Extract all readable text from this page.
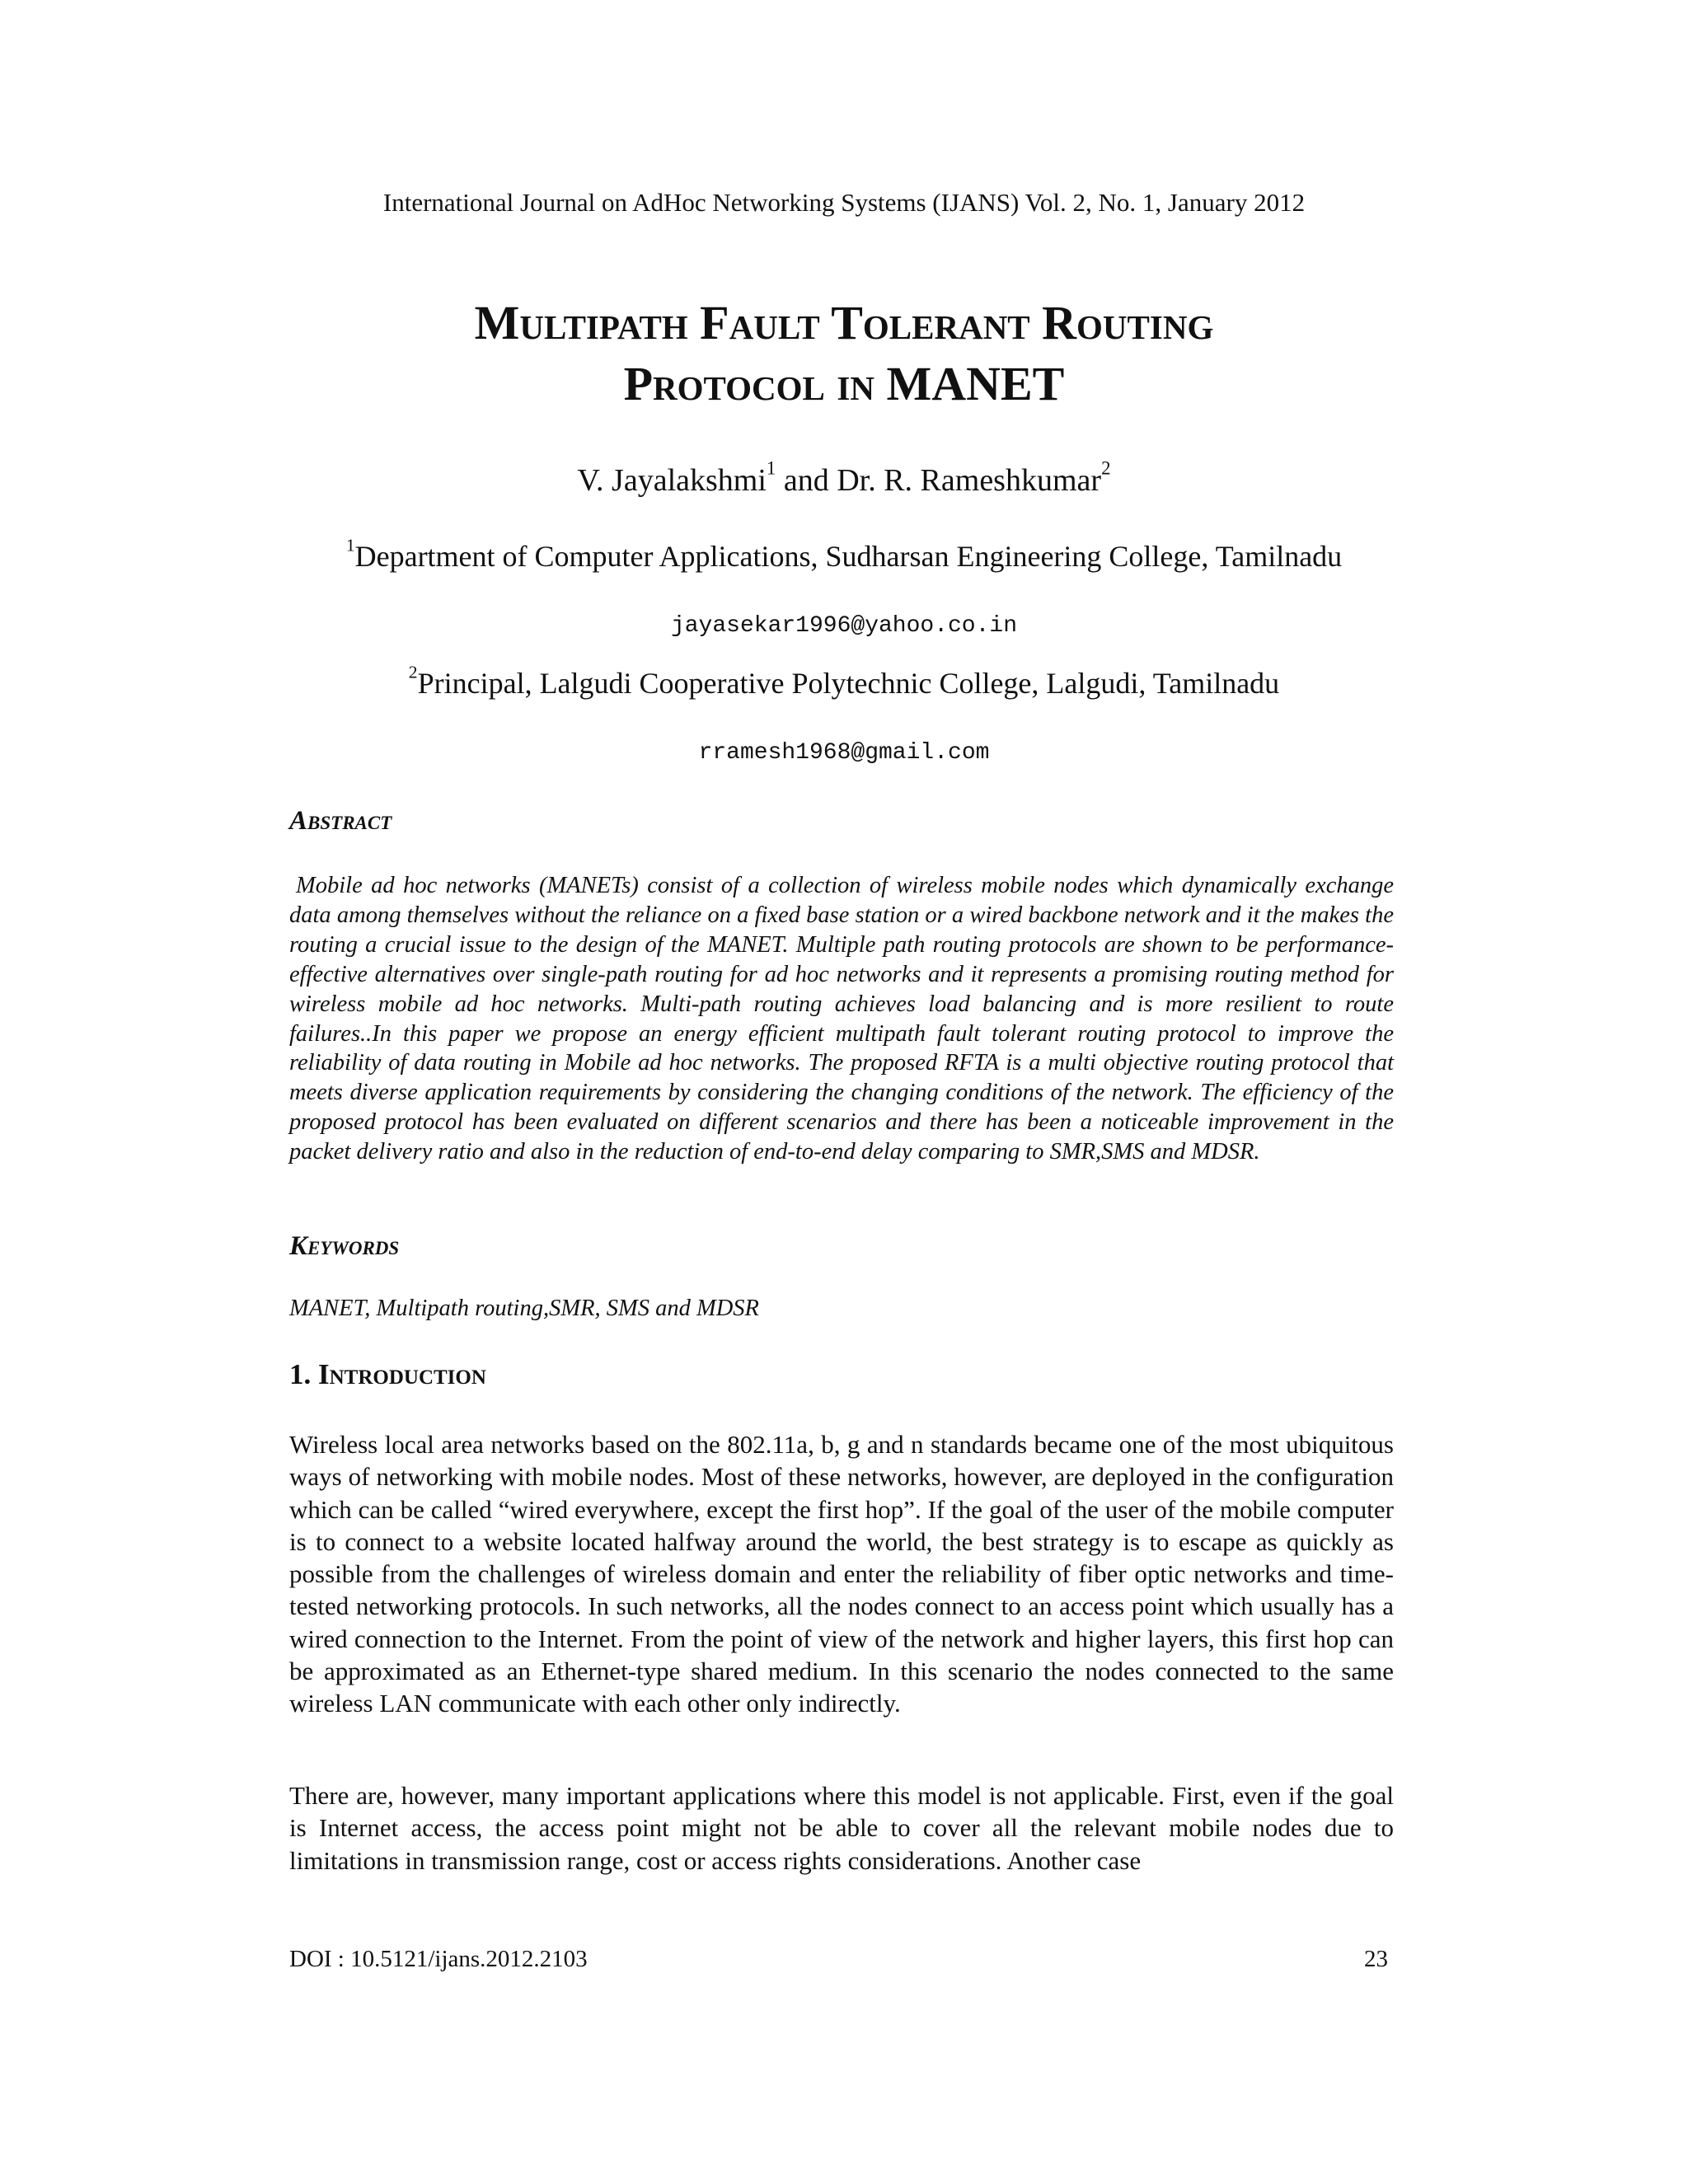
International Journal on AdHoc Networking Systems (IJANS) Vol. 2, No. 1, January 2012
Multipath Fault Tolerant Routing
Protocol in MANET
V. Jayalakshmi$^1$ and Dr. R. Rameshkumar$^2$
$^1$Department of Computer Applications, Sudharsan Engineering College, Tamilnadu
jayasekar1996@yahoo.co.in
$^2$Principal, Lalgudi Cooperative Polytechnic College, Lalgudi, Tamilnadu
rramesh1968@gmail.com
Abstract
Mobile ad hoc networks (MANETs) consist of a collection of wireless mobile nodes which dynamically exchange data among themselves without the reliance on a fixed base station or a wired backbone network and it the makes the routing a crucial issue to the design of the MANET. Multiple path routing protocols are shown to be performance-effective alternatives over single-path routing for ad hoc networks and it represents a promising routing method for wireless mobile ad hoc networks. Multi-path routing achieves load balancing and is more resilient to route failures..In this paper we propose an energy efficient multipath fault tolerant routing protocol to improve the reliability of data routing in Mobile ad hoc networks. The proposed RFTA is a multi objective routing protocol that meets diverse application requirements by considering the changing conditions of the network. The efficiency of the proposed protocol has been evaluated on different scenarios and there has been a noticeable improvement in the packet delivery ratio and also in the reduction of end-to-end delay comparing to SMR,SMS and MDSR.
Keywords
MANET, Multipath routing,SMR, SMS and MDSR
1. Introduction
Wireless local area networks based on the 802.11a, b, g and n standards became one of the most ubiquitous ways of networking with mobile nodes. Most of these networks, however, are deployed in the configuration which can be called “wired everywhere, except the first hop”. If the goal of the user of the mobile computer is to connect to a website located halfway around the world, the best strategy is to escape as quickly as possible from the challenges of wireless domain and enter the reliability of fiber optic networks and time-tested networking protocols. In such networks, all the nodes connect to an access point which usually has a wired connection to the Internet. From the point of view of the network and higher layers, this first hop can be approximated as an Ethernet-type shared medium. In this scenario the nodes connected to the same wireless LAN communicate with each other only indirectly.
There are, however, many important applications where this model is not applicable. First, even if the goal is Internet access, the access point might not be able to cover all the relevant mobile nodes due to limitations in transmission range, cost or access rights considerations. Another case
DOI : 10.5121/ijans.2012.2103	23
